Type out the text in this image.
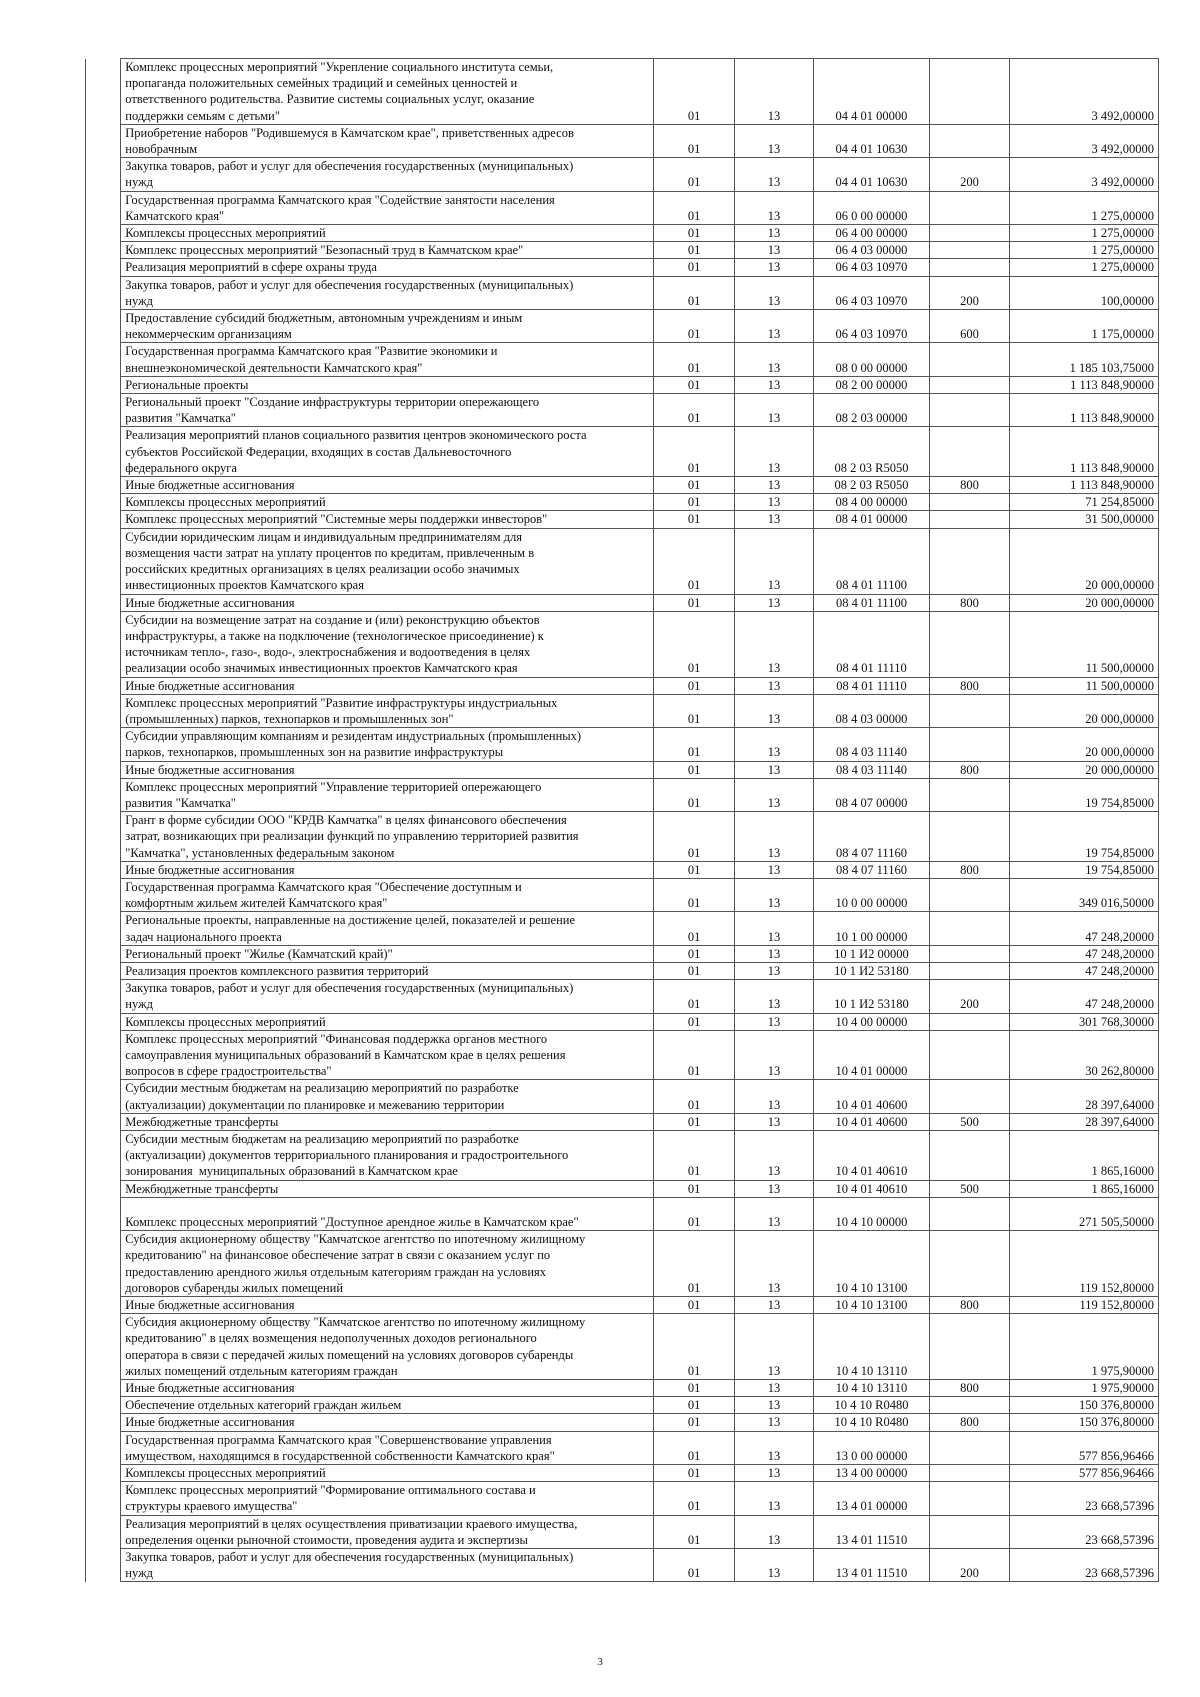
	Комплекс процессных мероприятий "Укрепление социального института семьи,
пропаганда положительных семейных традиций и семейных ценностей и
ответственного родительства. Развитие системы социальных услуг, оказание
поддержки семьям с детьми"	01	13	04 4 01 00000		3 492,00000
	Приобретение наборов "Родившемуся в Камчатском крае", приветственных адресов
новобрачным	01	13	04 4 01 10630		3 492,00000
	Закупка товаров, работ и услуг для обеспечения государственных (муниципальных)
нужд	01	13	04 4 01 10630	200	3 492,00000
	Государственная программа Камчатского края "Содействие занятости населения
Камчатского края"	01	13	06 0 00 00000		1 275,00000
	Комплексы процессных мероприятий	01	13	06 4 00 00000		1 275,00000
	Комплекс процессных мероприятий "Безопасный труд в Камчатском крае"	01	13	06 4 03 00000		1 275,00000
	Реализация мероприятий в сфере охраны труда	01	13	06 4 03 10970		1 275,00000
	Закупка товаров, работ и услуг для обеспечения государственных (муниципальных)
нужд	01	13	06 4 03 10970	200	100,00000
	Предоставление субсидий бюджетным, автономным учреждениям и иным
некоммерческим организациям	01	13	06 4 03 10970	600	1 175,00000
	Государственная программа Камчатского края "Развитие экономики и
внешнеэкономической деятельности Камчатского края"	01	13	08 0 00 00000		1 185 103,75000
	Региональные проекты	01	13	08 2 00 00000		1 113 848,90000
	Региональный проект "Создание инфраструктуры территории опережающего
развития "Камчатка"	01	13	08 2 03 00000		1 113 848,90000
	Реализация мероприятий планов социального развития центров экономического роста
субъектов Российской Федерации, входящих в состав Дальневосточного
федерального округа	01	13	08 2 03 R5050		1 113 848,90000
	Иные бюджетные ассигнования	01	13	08 2 03 R5050	800	1 113 848,90000
	Комплексы процессных мероприятий	01	13	08 4 00 00000		71 254,85000
	Комплекс процессных мероприятий "Системные меры поддержки инвесторов"	01	13	08 4 01 00000		31 500,00000
	Субсидии юридическим лицам и индивидуальным предпринимателям для
возмещения части затрат на уплату процентов по кредитам, привлеченным в
российских кредитных организациях в целях реализации особо значимых
инвестиционных проектов Камчатского края	01	13	08 4 01 11100		20 000,00000
	Иные бюджетные ассигнования	01	13	08 4 01 11100	800	20 000,00000
	Субсидии на возмещение затрат на создание и (или) реконструкцию объектов
инфраструктуры, а также на подключение (технологическое присоединение) к
источникам тепло-, газо-, водо-, электроснабжения и водоотведения в целях
реализации особо значимых инвестиционных проектов Камчатского края	01	13	08 4 01 11110		11 500,00000
	Иные бюджетные ассигнования	01	13	08 4 01 11110	800	11 500,00000
	Комплекс процессных мероприятий "Развитие инфраструктуры индустриальных
(промышленных) парков, технопарков и промышленных зон"	01	13	08 4 03 00000		20 000,00000
	Субсидии управляющим компаниям и резидентам индустриальных (промышленных)
парков, технопарков, промышленных зон на развитие инфраструктуры	01	13	08 4 03 11140		20 000,00000
	Иные бюджетные ассигнования	01	13	08 4 03 11140	800	20 000,00000
	Комплекс процессных мероприятий "Управление территорией опережающего
развития "Камчатка"	01	13	08 4 07 00000		19 754,85000
	Грант в форме субсидии ООО "КРДВ Камчатка" в целях финансового обеспечения
затрат, возникающих при реализации функций по управлению территорией развития
"Камчатка", установленных федеральным законом	01	13	08 4 07 11160		19 754,85000
	Иные бюджетные ассигнования	01	13	08 4 07 11160	800	19 754,85000
	Государственная программа Камчатского края "Обеспечение доступным и
комфортным жильем жителей Камчатского края"	01	13	10 0 00 00000		349 016,50000
	Региональные проекты, направленные на достижение целей, показателей и решение
задач национального проекта	01	13	10 1 00 00000		47 248,20000
	Региональный проект "Жилье (Камчатский край)"	01	13	10 1 И2 00000		47 248,20000
	Реализация проектов комплексного развития территорий	01	13	10 1 И2 53180		47 248,20000
	Закупка товаров, работ и услуг для обеспечения государственных (муниципальных)
нужд	01	13	10 1 И2 53180	200	47 248,20000
	Комплексы процессных мероприятий	01	13	10 4 00 00000		301 768,30000
	Комплекс процессных мероприятий "Финансовая поддержка органов местного
самоуправления муниципальных образований в Камчатском крае в целях решения
вопросов в сфере градостроительства"	01	13	10 4 01 00000		30 262,80000
	Субсидии местным бюджетам на реализацию мероприятий по разработке
(актуализации) документации по планировке и межеванию территории	01	13	10 4 01 40600		28 397,64000
	Межбюджетные трансферты	01	13	10 4 01 40600	500	28 397,64000
	Субсидии местным бюджетам на реализацию мероприятий по разработке
(актуализации) документов территориального планирования и градостроительного
зонирования  муниципальных образований в Камчатском крае	01	13	10 4 01 40610		1 865,16000
	Межбюджетные трансферты	01	13	10 4 01 40610	500	1 865,16000

Комплекс процессных мероприятий "Доступное арендное жилье в Камчатском крае"	01	13	10 4 10 00000		271 505,50000
	Субсидия акционерному обществу "Камчатское агентство по ипотечному жилищному
кредитованию" на финансовое обеспечение затрат в связи с оказанием услуг по
предоставлению арендного жилья отдельным категориям граждан на условиях
договоров субаренды жилых помещений	01	13	10 4 10 13100		119 152,80000
	Иные бюджетные ассигнования	01	13	10 4 10 13100	800	119 152,80000
	Субсидия акционерному обществу "Камчатское агентство по ипотечному жилищному
кредитованию" в целях возмещения недополученных доходов регионального
оператора в связи с передачей жилых помещений на условиях договоров субаренды
жилых помещений отдельным категориям граждан	01	13	10 4 10 13110		1 975,90000
	Иные бюджетные ассигнования	01	13	10 4 10 13110	800	1 975,90000
	Обеспечение отдельных категорий граждан жильем	01	13	10 4 10 R0480		150 376,80000
	Иные бюджетные ассигнования	01	13	10 4 10 R0480	800	150 376,80000
	Государственная программа Камчатского края "Совершенствование управления
имуществом, находящимся в государственной собственности Камчатского края"	01	13	13 0 00 00000		577 856,96466
	Комплексы процессных мероприятий	01	13	13 4 00 00000		577 856,96466
	Комплекс процессных мероприятий "Формирование оптимального состава и
структуры краевого имущества"	01	13	13 4 01 00000		23 668,57396
	Реализация мероприятий в целях осуществления приватизации краевого имущества,
определения оценки рыночной стоимости, проведения аудита и экспертизы	01	13	13 4 01 11510		23 668,57396
	Закупка товаров, работ и услуг для обеспечения государственных (муниципальных)
нужд	01	13	13 4 01 11510	200	23 668,57396
3
